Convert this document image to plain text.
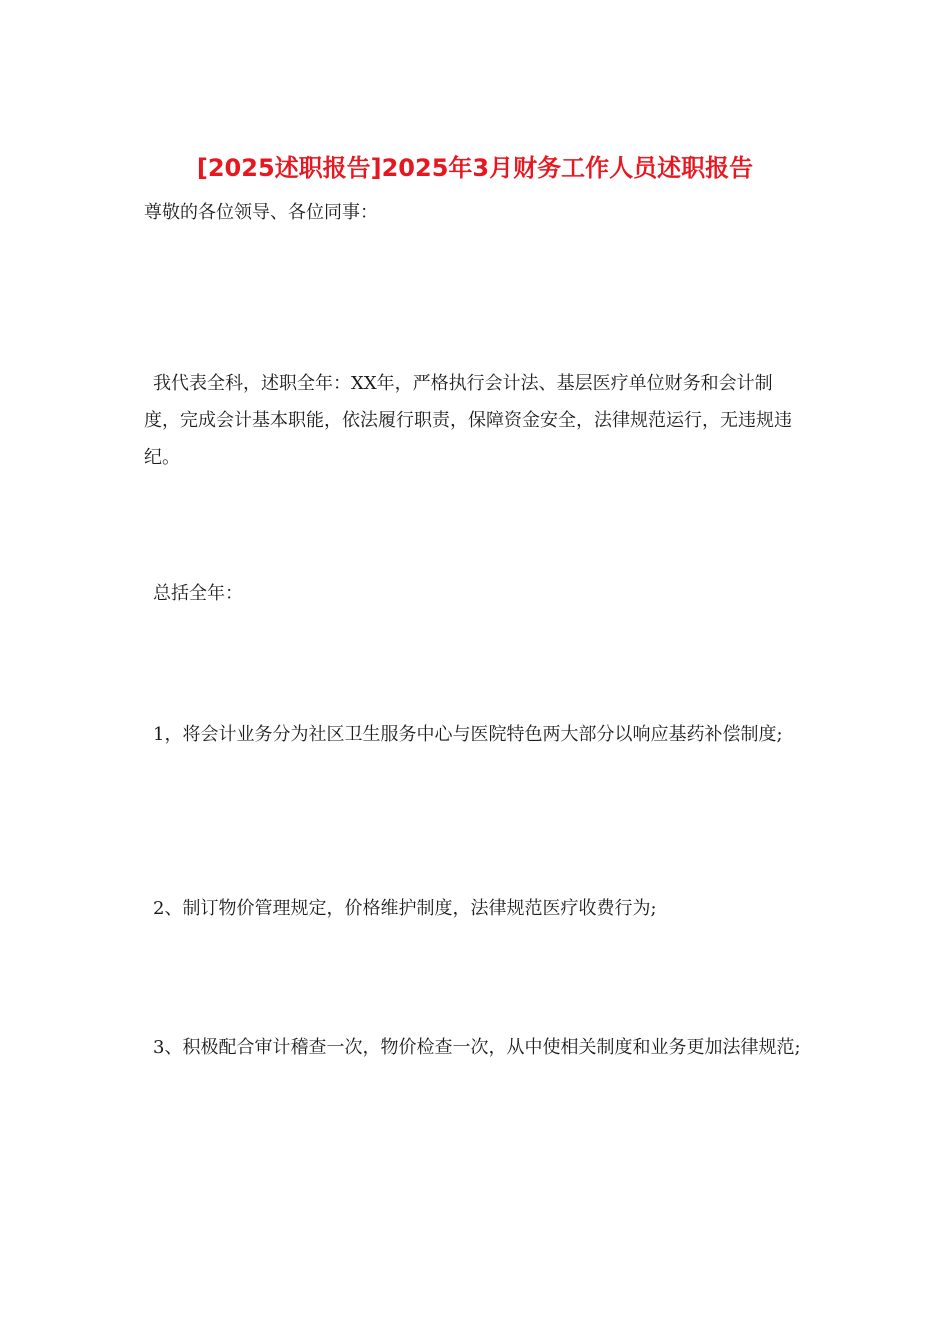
[2025述职报告]2025年3月财务工作人员述职报告

尊敬的各位领导、各位同事：

我代表全科，述职全年：XX年，严格执行会计法、基层医疗单位财务和会计制度，完成会计基本职能，依法履行职责，保障资金安全，法律规范运行，无违规违纪。

总括全年：

1，将会计业务分为社区卫生服务中心与医院特色两大部分以响应基药补偿制度;

2、制订物价管理规定，价格维护制度，法律规范医疗收费行为;

3、积极配合审计稽查一次，物价检查一次，从中使相关制度和业务更加法律规范;
